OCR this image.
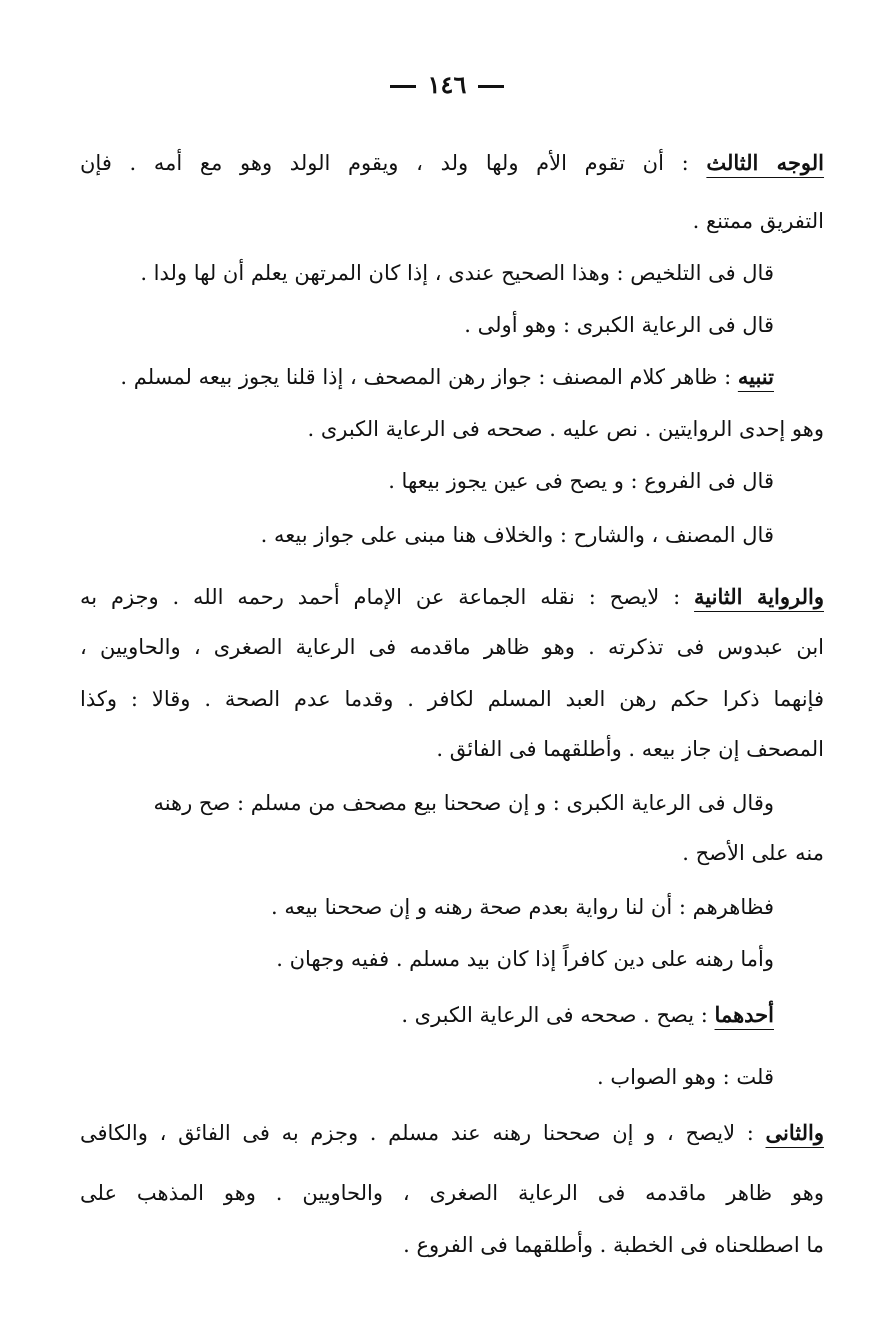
١٤٦
الوجه الثالث : أن تقوم الأم ولها ولد ، ويقوم الولد وهو مع أمه . فإن
التفريق ممتنع .
قال فى التلخيص : وهذا الصحيح عندى ، إذا كان المرتهن يعلم أن لها ولدا .
قال فى الرعاية الكبرى : وهو أولى .
تنبيه : ظاهر كلام المصنف : جواز رهن المصحف ، إذا قلنا يجوز بيعه لمسلم .
وهو إحدى الروايتين . نص عليه . صححه فى الرعاية الكبرى .
قال فى الفروع : و يصح فى عين يجوز بيعها .
قال المصنف ، والشارح : والخلاف هنا مبنى على جواز بيعه .
والرواية الثانية : لايصح : نقله الجماعة عن الإمام أحمد رحمه الله . وجزم به
ابن عبدوس فى تذكرته . وهو ظاهر ماقدمه فى الرعاية الصغرى ، والحاويين ،
فإنهما ذكرا حكم رهن العبد المسلم لكافر . وقدما عدم الصحة . وقالا : وكذا
المصحف إن جاز بيعه . وأطلقهما فى الفائق .
وقال فى الرعاية الكبرى : و إن صححنا بيع مصحف من مسلم : صح رهنه
منه على الأصح .
فظاهرهم : أن لنا رواية بعدم صحة رهنه و إن صححنا بيعه .
وأما رهنه على دين كافراً إذا كان بيد مسلم . ففيه وجهان .
أحدهما : يصح . صححه فى الرعاية الكبرى .
قلت : وهو الصواب .
والثانى : لايصح ، و إن صححنا رهنه عند مسلم . وجزم به فى الفائق ، والكافى
وهو ظاهر ماقدمه فى الرعاية الصغرى ، والحاويين . وهو المذهب على
ما اصطلحناه فى الخطبة . وأطلقهما فى الفروع .
